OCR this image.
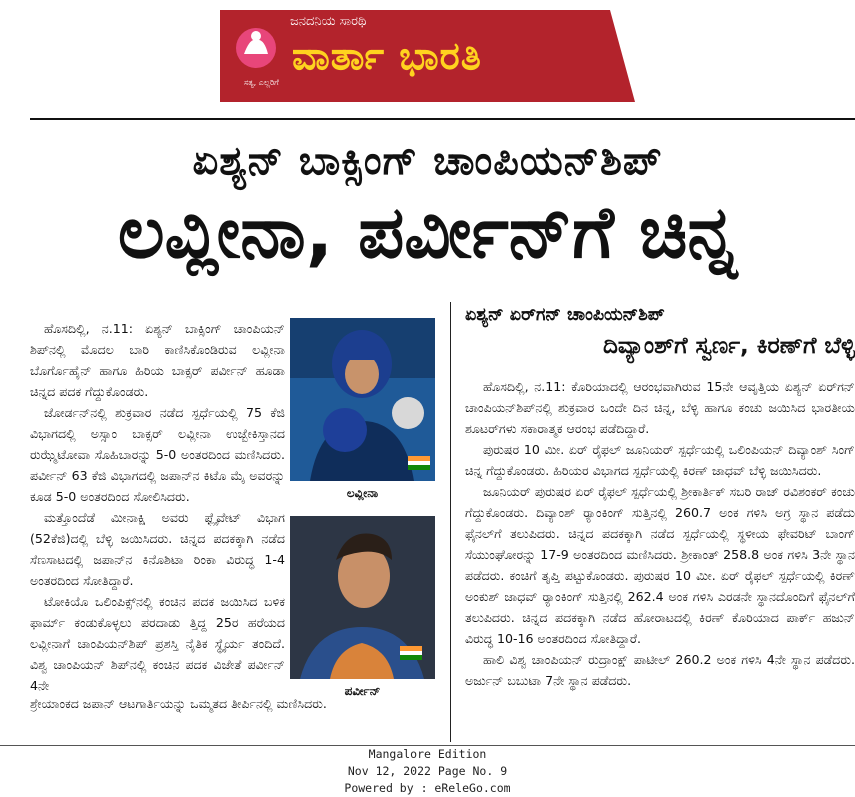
ಜನದನಿಯ ಸಾರಥಿ
ವಾರ್ತಾ ಭಾರತಿ
ಸತ್ಯ, ಎಲ್ಲರಿಗೆ
ಏಶ್ಯನ್ ಬಾಕ್ಸಿಂಗ್ ಚಾಂಪಿಯನ್‌ಶಿಪ್
ಲವ್ಲೀನಾ, ಪರ್ವೀನ್‌ಗೆ ಚಿನ್ನ

ಹೊಸದಿಲ್ಲಿ, ನ.11: ಏಶ್ಯನ್ ಬಾಕ್ಸಿಂಗ್ ಚಾಂಪಿಯನ್ ಶಿಪ್‌ನಲ್ಲಿ ಮೊದಲ ಬಾರಿ ಕಾಣಿಸಿಕೊಂಡಿರುವ ಲವ್ಲೀನಾ ಬೊರ್ಗೊಹೈನ್ ಹಾಗೂ ಹಿರಿಯ ಬಾಕ್ಸರ್ ಪರ್ವೀನ್ ಹೂಡಾ ಚಿನ್ನದ ಪದಕ ಗೆದ್ದುಕೊಂಡರು.

ಜೋರ್ಡನ್‌ನಲ್ಲಿ ಶುಕ್ರವಾರ ನಡೆದ ಸ್ಪರ್ಧೆಯಲ್ಲಿ 75 ಕೆಜಿ ವಿಭಾಗದಲ್ಲಿ ಅಸ್ಸಾಂ ಬಾಕ್ಸರ್ ಲವ್ಲೀನಾ ಉಜ್ಬೇಕಿಸ್ತಾನದ ರುಝ್ಮೆಟೋವಾ ಸೊಹಿಬಾರನ್ನು 5-0 ಅಂತರದಿಂದ ಮಣಿಸಿದರು. ಪರ್ವೀನ್ 63 ಕೆಜಿ ವಿಭಾಗದಲ್ಲಿ ಜಪಾನ್‌ನ ಕಿಟೊ ಮೈ ಅವರನ್ನು ಕೂಡ 5-0 ಅಂತರದಿಂದ ಸೋಲಿಸಿದರು.

ಮತ್ತೊಂದೆಡೆ ಮೀನಾಕ್ಷಿ ಅವರು ಫ್ಲೈವೇಟ್ ವಿಭಾಗ (52ಕೆಜಿ)ದಲ್ಲಿ ಬೆಳ್ಳಿ ಜಯಿಸಿದರು. ಚಿನ್ನದ ಪದಕಕ್ಕಾಗಿ ನಡೆದ ಸೆಣಸಾಟದಲ್ಲಿ ಜಪಾನ್‌ನ ಕಿನೊಶಿಟಾ ರಿಂಕಾ ವಿರುದ್ಧ 1-4 ಅಂತರದಿಂದ ಸೋತಿದ್ದಾರೆ.

ಟೋಕಿಯೊ ಒಲಿಂಪಿಕ್ಸ್‌ನಲ್ಲಿ ಕಂಚಿನ ಪದಕ ಜಯಿಸಿದ ಬಳಿಕ ಫಾರ್ಮ್ ಕಂಡುಕೊಳ್ಳಲು ಪರದಾಡು ತ್ತಿದ್ದ 25ರ ಹರೆಯದ ಲವ್ಲೀನಾಗೆ ಚಾಂಪಿಯನ್‌ಶಿಪ್ ಪ್ರಶಸ್ತಿ ನೈತಿಕ ಸ್ಥೈರ್ಯ ತಂದಿದೆ. ವಿಶ್ವ ಚಾಂಪಿಯನ್ ಶಿಪ್‌ನಲ್ಲಿ ಕಂಚಿನ ಪದಕ ವಿಜೇತೆ ಪರ್ವೀನ್ 4ನೇ

ಶ್ರೇಯಾಂಕದ ಜಪಾನ್ ಆಟಗಾರ್ತಿಯನ್ನು ಒಮ್ಮತದ ತೀರ್ಪಿನಲ್ಲಿ ಮಣಿಸಿದರು.
ಲವ್ಲೀನಾ
ಪರ್ವೀನ್
ಏಶ್ಯನ್ ಏರ್‌ಗನ್ ಚಾಂಪಿಯನ್‌ಶಿಪ್
ದಿವ್ಯಾಂಶ್‌ಗೆ ಸ್ವರ್ಣ, ಕಿರಣ್‌ಗೆ ಬೆಳ್ಳಿ

ಹೊಸದಿಲ್ಲಿ, ನ.11: ಕೊರಿಯಾದಲ್ಲಿ ಆರಂಭವಾಗಿರುವ 15ನೇ ಆವೃತ್ತಿಯ ಏಶ್ಯನ್ ಏರ್‌ಗನ್ ಚಾಂಪಿಯನ್‌ಶಿಪ್‌ನಲ್ಲಿ ಶುಕ್ರವಾರ ಒಂದೇ ದಿನ ಚಿನ್ನ, ಬೆಳ್ಳಿ ಹಾಗೂ ಕಂಚು ಜಯಿಸಿದ ಭಾರತೀಯ ಶೂಟರ್‌ಗಳು ಸಕಾರಾತ್ಮಕ ಆರಂಭ ಪಡೆದಿದ್ದಾರೆ.

ಪುರುಷರ 10 ಮೀ. ಏರ್ ರೈಫಲ್ ಜೂನಿಯರ್ ಸ್ಪರ್ಧೆಯಲ್ಲಿ ಒಲಿಂಪಿಯನ್ ದಿವ್ಯಾಂಶ್ ಸಿಂಗ್ ಚಿನ್ನ ಗೆದ್ದುಕೊಂಡರು. ಹಿರಿಯರ ವಿಭಾಗದ ಸ್ಪರ್ಧೆಯಲ್ಲಿ ಕಿರಣ್ ಜಾಧವ್ ಬೆಳ್ಳಿ ಜಯಿಸಿದರು.

ಜೂನಿಯರ್ ಪುರುಷರ ಏರ್ ರೈಫಲ್ ಸ್ಪರ್ಧೆಯಲ್ಲಿ ಶ್ರೀಕಾರ್ತಿಕ್ ಸಬರಿ ರಾಜ್ ರವಿಶಂಕರ್ ಕಂಚು ಗೆದ್ದುಕೊಂಡರು. ದಿವ್ಯಾಂಶ್ ರ್‍ಯಾಂಕಿಂಗ್ ಸುತ್ತಿನಲ್ಲಿ 260.7 ಅಂಕ ಗಳಿಸಿ ಅಗ್ರ ಸ್ಥಾನ ಪಡೆದು ಫೈನಲ್‌ಗೆ ತಲುಪಿದರು. ಚಿನ್ನದ ಪದಕಕ್ಕಾಗಿ ನಡೆದ ಸ್ಪರ್ಧೆಯಲ್ಲಿ ಸ್ಥಳೀಯ ಫೇವರಿಟ್ ಬಾಂಗ್ ಸೆಯುಂಘೋರನ್ನು 17-9 ಅಂತರದಿಂದ ಮಣಿಸಿದರು. ಶ್ರೀಕಾಂತ್ 258.8 ಅಂಕ ಗಳಿಸಿ 3ನೇ ಸ್ಥಾನ ಪಡೆದರು. ಕಂಚಿಗೆ ತೃಪ್ತಿ ಪಟ್ಟುಕೊಂಡರು. ಪುರುಷರ 10 ಮೀ. ಏರ್ ರೈಫಲ್ ಸ್ಪರ್ಧೆಯಲ್ಲಿ ಕಿರಣ್ ಅಂಕುಶ್ ಜಾಧವ್ ರ್‍ಯಾಂಕಿಂಗ್ ಸುತ್ತಿನಲ್ಲಿ 262.4 ಅಂಕ ಗಳಿಸಿ ಎರಡನೇ ಸ್ಥಾನದೊಂದಿಗೆ ಫೈನಲ್‌ಗೆ ತಲುಪಿದರು. ಚಿನ್ನದ ಪದಕಕ್ಕಾಗಿ ನಡೆದ ಹೋರಾಟದಲ್ಲಿ ಕಿರಣ್ ಕೊರಿಯಾದ ಪಾರ್ಕ್ ಹಜುನ್ ವಿರುದ್ಧ 10-16 ಅಂತರದಿಂದ ಸೋತಿದ್ದಾರೆ.

ಹಾಲಿ ವಿಶ್ವ ಚಾಂಪಿಯನ್ ರುದ್ರಾಂಕ್ಷ್ ಪಾಟೀಲ್ 260.2 ಅಂಕ ಗಳಿಸಿ 4ನೇ ಸ್ಥಾನ ಪಡೆದರು. ಅರ್ಜುನ್ ಬಬುಟಾ 7ನೇ ಸ್ಥಾನ ಪಡೆದರು.

Mangalore Edition
Nov 12, 2022 Page No. 9
Powered by : eReleGo.com
